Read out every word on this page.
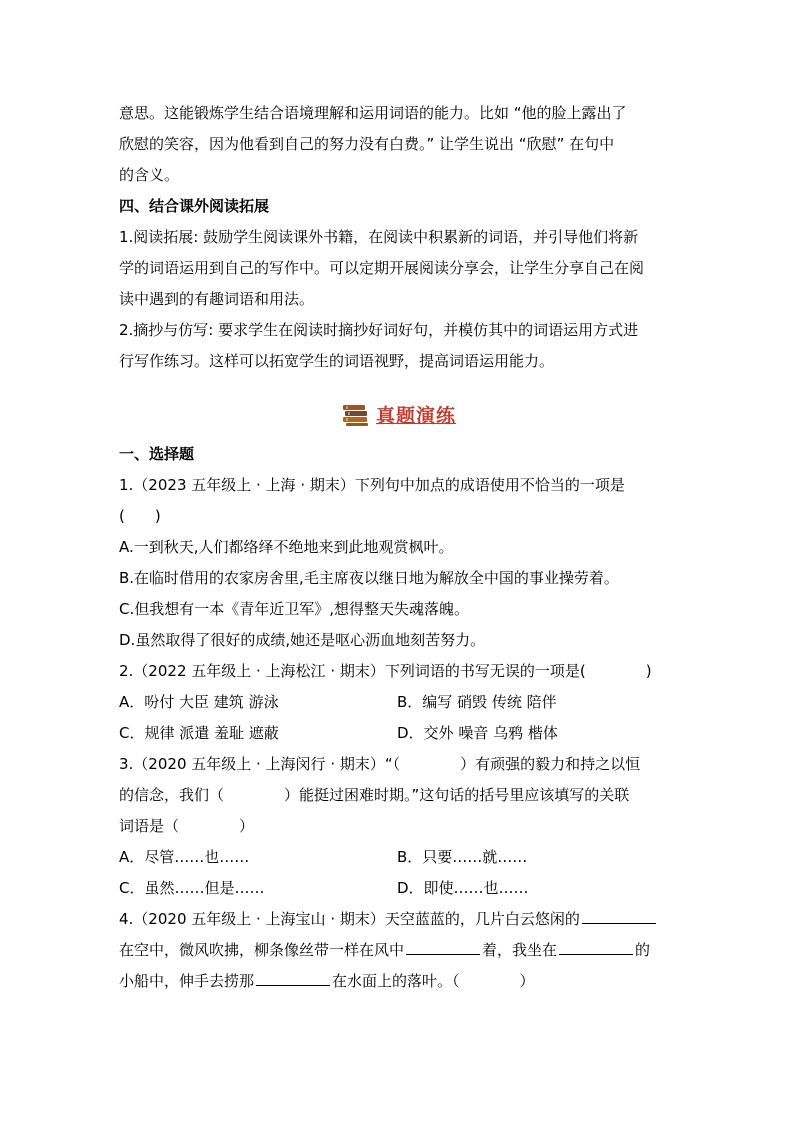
意思。这能锻炼学生结合语境理解和运用词语的能力。比如 “他的脸上露出了

欣慰的笑容，因为他看到自己的努力没有白费。” 让学生说出 “欣慰” 在句中

的含义。

四、结合课外阅读拓展

1.阅读拓展: 鼓励学生阅读课外书籍，在阅读中积累新的词语，并引导他们将新

学的词语运用到自己的写作中。可以定期开展阅读分享会，让学生分享自己在阅

读中遇到的有趣词语和用法。

2.摘抄与仿写: 要求学生在阅读时摘抄好词好句，并模仿其中的词语运用方式进

行写作练习。这样可以拓宽学生的词语视野，提高词语运用能力。

真题演练

一、选择题

1.（2023 五年级上 · 上海 · 期末）下列句中加点的成语使用不恰当的一项是

(　　)

A.一到秋天,人们都络绎不绝地来到此地观赏枫叶。

B.在临时借用的农家房舍里,毛主席夜以继日地为解放全中国的事业操劳着。

C.但我想有一本《青年近卫军》,想得整天失魂落魄。

D.虽然取得了很好的成绩,她还是呕心沥血地刻苦努力。

2.（2022 五年级上 · 上海松江 · 期末）下列词语的书写无误的一项是(　　　　)

A．吩付 大臣 建筑 游泳	B．编写 硝毁 传统 陪伴
C．规律 派遣 羞耻 遮蔽	D．交外 噪音 乌鸦 楷体

3.（2020 五年级上 · 上海闵行 · 期末）“（　　　　）有顽强的毅力和持之以恒

的信念，我们（　　　　）能挺过困难时期。”这句话的括号里应该填写的关联

词语是（　　　　）

A．尽管……也……	B．只要……就……
C．虽然……但是……	D．即使……也……

4.（2020 五年级上 · 上海宝山 · 期末）天空蓝蓝的，几片白云悠闲的

在空中，微风吹拂，柳条像丝带一样在风中	着，我坐在	的

小船中，伸手去捞那	在水面上的落叶。（　　　　）
